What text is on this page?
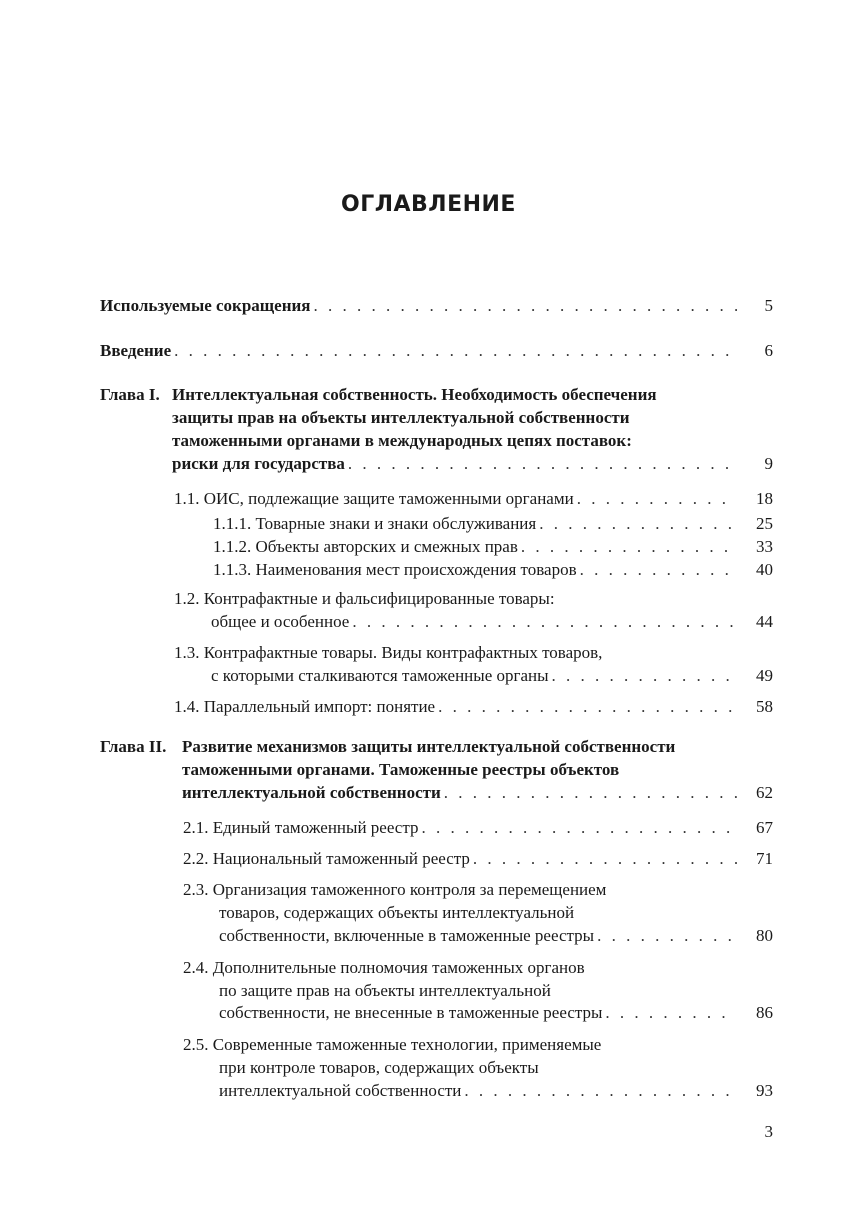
ОГЛАВЛЕНИЕ
Используемые сокращения . . .	5
Введение . . .	6
Глава I. Интеллектуальная собственность. Необходимость обеспечения
защиты прав на объекты интеллектуальной собственности
таможенными органами в международных цепях поставок:
риски для государства . . .	9
1.1. ОИС, подлежащие защите таможенными органами . . .	18
1.1.1. Товарные знаки и знаки обслуживания . . .	25
1.1.2. Объекты авторских и смежных прав . . .	33
1.1.3. Наименования мест происхождения товаров . . .	40
1.2. Контрафактные и фальсифицированные товары:
общее и особенное . . .	44
1.3. Контрафактные товары. Виды контрафактных товаров,
с которыми сталкиваются таможенные органы . . .	49
1.4. Параллельный импорт: понятие . . .	58
Глава II. Развитие механизмов защиты интеллектуальной собственности
таможенными органами. Таможенные реестры объектов
интеллектуальной собственности . . .	62
2.1. Единый таможенный реестр . . .	67
2.2. Национальный таможенный реестр . . .	71
2.3. Организация таможенного контроля за перемещением
товаров, содержащих объекты интеллектуальной
собственности, включенные в таможенные реестры . . .	80
2.4. Дополнительные полномочия таможенных органов
по защите прав на объекты интеллектуальной
собственности, не внесенные в таможенные реестры . . .	86
2.5. Современные таможенные технологии, применяемые
при контроле товаров, содержащих объекты
интеллектуальной собственности . . .	93
3
